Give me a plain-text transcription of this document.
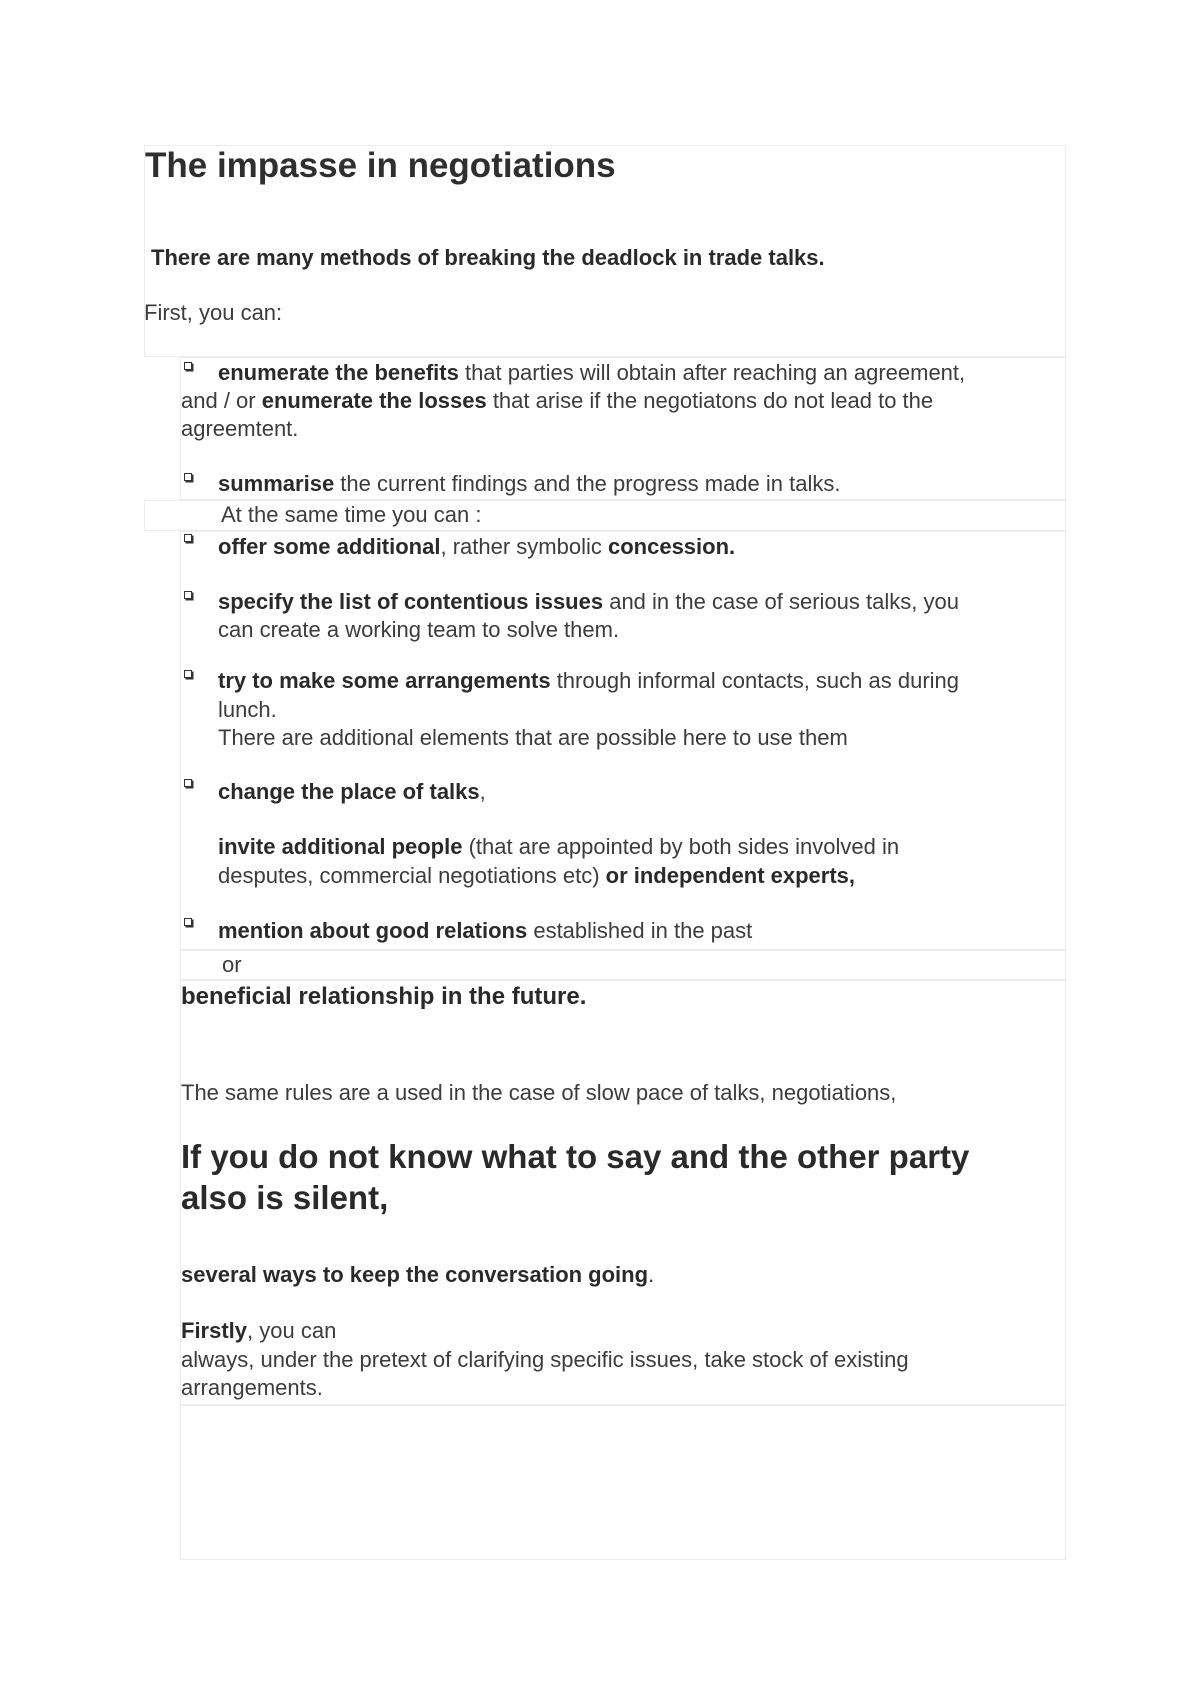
The impasse in negotiations
There are many methods of breaking the deadlock in trade talks.
First, you can:
enumerate the benefits that parties will obtain after reaching an agreement,
and / or enumerate the losses that arise if the negotiatons do not lead to the
agreemtent.
summarise the current findings and the progress made in talks.
At the same time you can :
offer some additional, rather symbolic concession.
specify the list of contentious issues and in the case of serious talks, you
can create a working team to solve them.
try to make some arrangements through informal contacts, such as during
lunch.
There are additional elements that are possible here to use them
change the place of talks,
invite additional people (that are appointed by both sides involved in
desputes, commercial negotiations etc) or independent experts,
mention about good relations established in the past
or
beneficial relationship in the future.
The same rules are a used in the case of slow pace of talks, negotiations,
If you do not know what to say and the other party
also is silent,
several ways to keep the conversation going.
Firstly, you can
always, under the pretext of clarifying specific issues, take stock of existing
arrangements.
